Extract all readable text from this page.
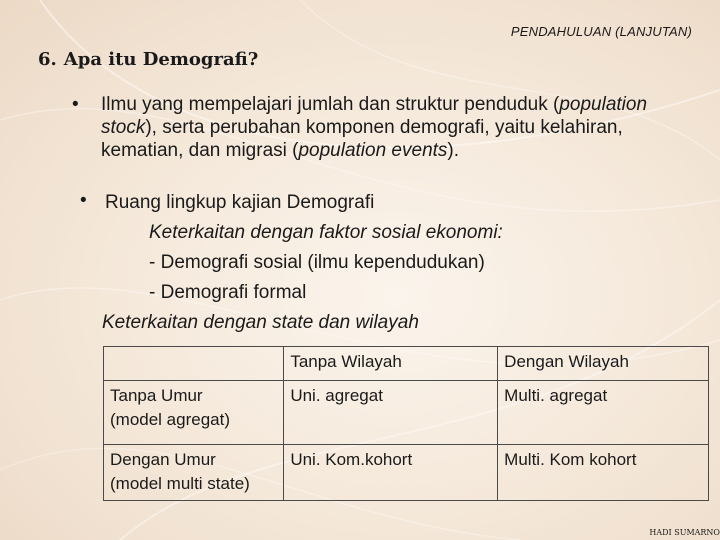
PENDAHULUAN (LANJUTAN)
6. Apa itu Demografi?
•	Ilmu yang mempelajari jumlah dan struktur penduduk (population stock), serta perubahan komponen demografi, yaitu kelahiran, kematian, dan migrasi (population events).
• Ruang lingkup kajian Demografi
Keterkaitan dengan faktor sosial ekonomi:
- Demografi sosial (ilmu kependudukan)
- Demografi formal
Keterkaitan dengan state dan wilayah
	Tanpa Wilayah	Dengan Wilayah

Tanpa Umur
(model agregat)	Uni. agregat	Multi. agregat

Dengan Umur
(model multi state)	Uni. Kom.kohort	Multi. Kom kohort
HADI SUMARNO
